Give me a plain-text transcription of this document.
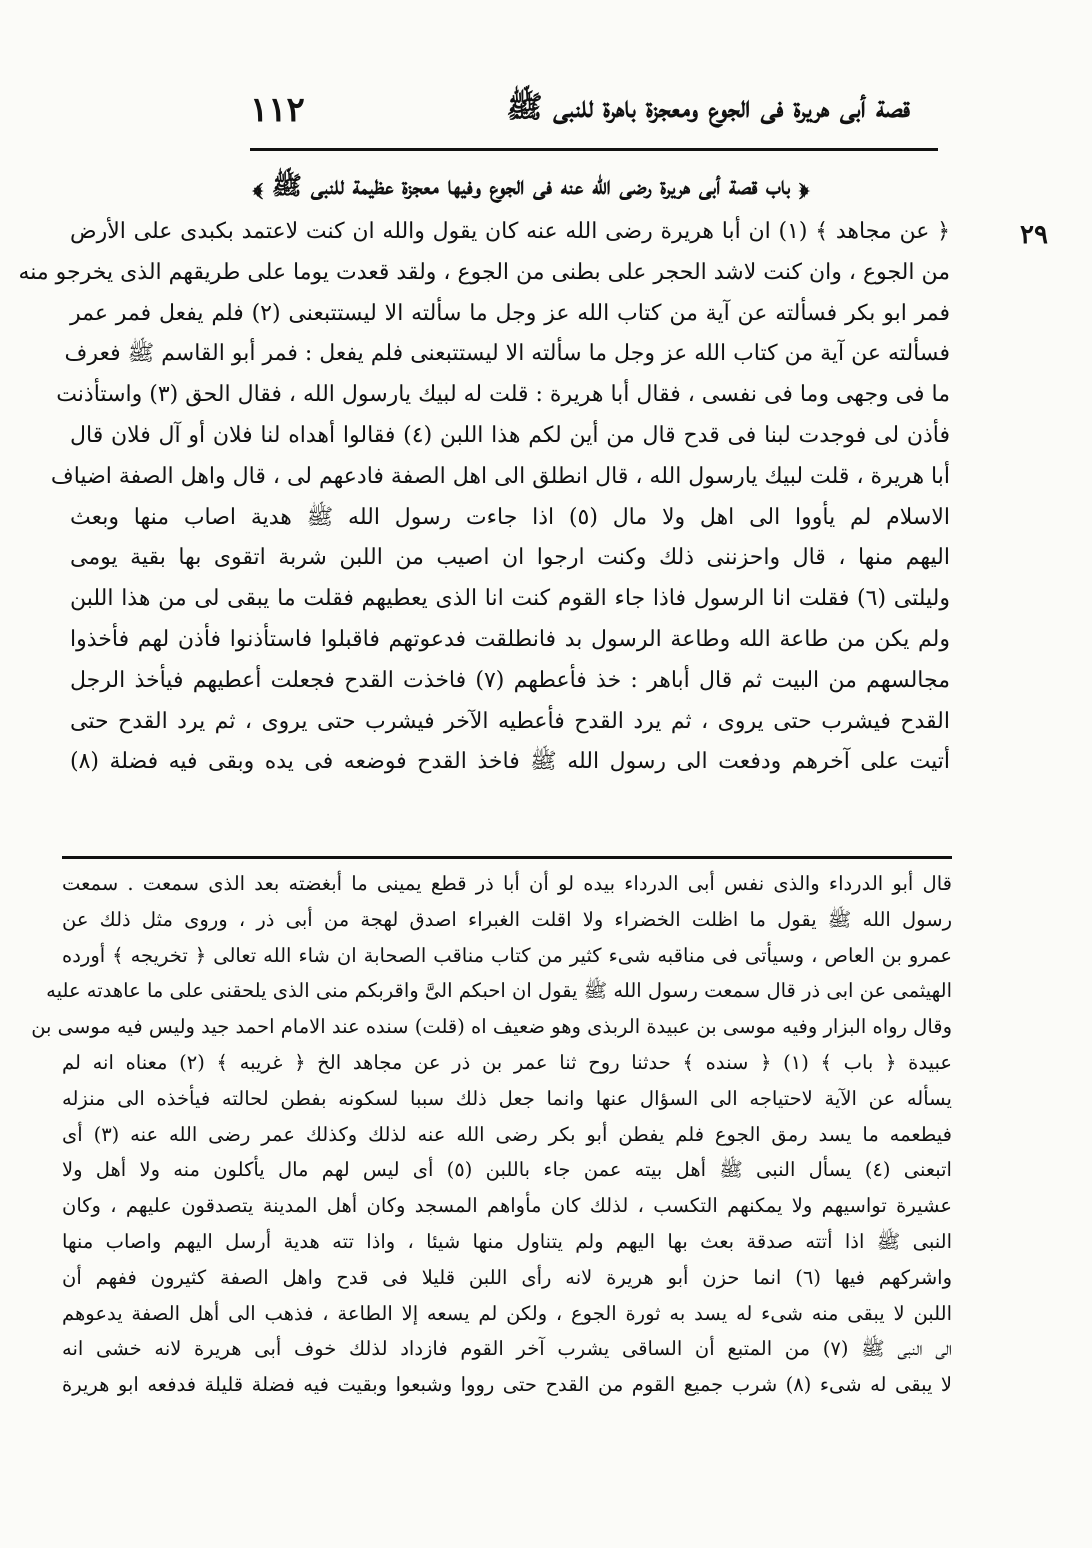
١١٢	قصة أبى هريرة فى الجوع ومعجزة باهرة للنبى ﷺ
﴿ باب قصة أبى هريرة رضى الله عنه فى الجوع وفيها معجزة عظيمة للنبى ﷺ ﴾
٢٩
﴿ عن مجاهد ﴾ (١) ان أبا هريرة رضى الله عنه كان يقول والله ان كنت لاعتمد بكبدى على الأرض
من الجوع ، وان كنت لاشد الحجر على بطنى من الجوع ، ولقد قعدت يوما على طريقهم الذى يخرجو منه
فمر ابو بكر فسألته عن آية من كتاب الله عز وجل ما سألته الا ليستتبعنى (٢) فلم يفعل فمر عمر
فسألته عن آية من كتاب الله عز وجل ما سألته الا ليستتبعنى فلم يفعل : فمر أبو القاسم ﷺ فعرف
ما فى وجهى وما فى نفسى ، فقال أبا هريرة : قلت له لبيك يارسول الله ، فقال الحق (٣) واستأذنت
فأذن لى فوجدت لبنا فى قدح قال من أين لكم هذا اللبن (٤) فقالوا أهداه لنا فلان أو آل فلان قال
أبا هريرة ، قلت لبيك يارسول الله ، قال انطلق الى اهل الصفة فادعهم لى ، قال واهل الصفة اضياف
الاسلام لم يأووا الى اهل ولا مال (٥) اذا جاءت رسول الله ﷺ هدية اصاب منها وبعث
اليهم منها ، قال واحزننى ذلك وكنت ارجوا ان اصيب من اللبن شربة اتقوى بها بقية يومى
وليلتى (٦) فقلت انا الرسول فاذا جاء القوم كنت انا الذى يعطيهم فقلت ما يبقى لى من هذا اللبن
ولم يكن من طاعة الله وطاعة الرسول بد فانطلقت فدعوتهم فاقبلوا فاستأذنوا فأذن لهم فأخذوا
مجالسهم من البيت ثم قال أباهر : خذ فأعطهم (٧) فاخذت القدح فجعلت أعطيهم فيأخذ الرجل
القدح فيشرب حتى يروى ، ثم يرد القدح فأعطيه الآخر فيشرب حتى يروى ، ثم يرد القدح حتى
أتيت على آخرهم ودفعت الى رسول الله ﷺ فاخذ القدح فوضعه فى يده وبقى فيه فضلة (٨)
قال أبو الدرداء والذى نفس أبى الدرداء بيده لو أن أبا ذر قطع يمينى ما أبغضته بعد الذى سمعت . سمعت
رسول الله ﷺ يقول ما اظلت الخضراء ولا اقلت الغبراء اصدق لهجة من أبى ذر ، وروى مثل ذلك عن
عمرو بن العاص ، وسيأتى فى مناقبه شىء كثير من كتاب مناقب الصحابة ان شاء الله تعالى ﴿ تخريجه ﴾ أورده
الهيثمى عن ابى ذر قال سمعت رسول الله ﷺ يقول ان احبكم الىَّ واقربكم منى الذى يلحقنى على ما عاهدته عليه
وقال رواه البزار وفيه موسى بن عبيدة الربذى وهو ضعيف اه (قلت) سنده عند الامام احمد جيد وليس فيه موسى بن
عبيدة ﴿ باب ﴾ (١) ﴿ سنده ﴾ حدثنا روح ثنا عمر بن ذر عن مجاهد الخ ﴿ غريبه ﴾ (٢) معناه انه لم
يسأله عن الآية لاحتياجه الى السؤال عنها وانما جعل ذلك سببا لسكونه بفطن لحالته فيأخذه الى منزله
فيطعمه ما يسد رمق الجوع فلم يفطن أبو بكر رضى الله عنه لذلك وكذلك عمر رضى الله عنه (٣) أى
اتبعنى (٤) يسأل النبى ﷺ أهل بيته عمن جاء باللبن (٥) أى ليس لهم مال يأكلون منه ولا أهل ولا
عشيرة تواسيهم ولا يمكنهم التكسب ، لذلك كان مأواهم المسجد وكان أهل المدينة يتصدقون عليهم ، وكان
النبى ﷺ اذا أتته صدقة بعث بها اليهم ولم يتناول منها شيئا ، واذا تته هدية أرسل اليهم واصاب منها
واشركهم فيها (٦) انما حزن أبو هريرة لانه رأى اللبن قليلا فى قدح واهل الصفة كثيرون ففهم أن
اللبن لا يبقى منه شىء له يسد به ثورة الجوع ، ولكن لم يسعه إلا الطاعة ، فذهب الى أهل الصفة يدعوهم
الى النبى ﷺ (٧) من المتبع أن الساقى يشرب آخر القوم فازداد لذلك خوف أبى هريرة لانه خشى انه
لا يبقى له شىء (٨) شرب جميع القوم من القدح حتى رووا وشبعوا وبقيت فيه فضلة قليلة فدفعه ابو هريرة
